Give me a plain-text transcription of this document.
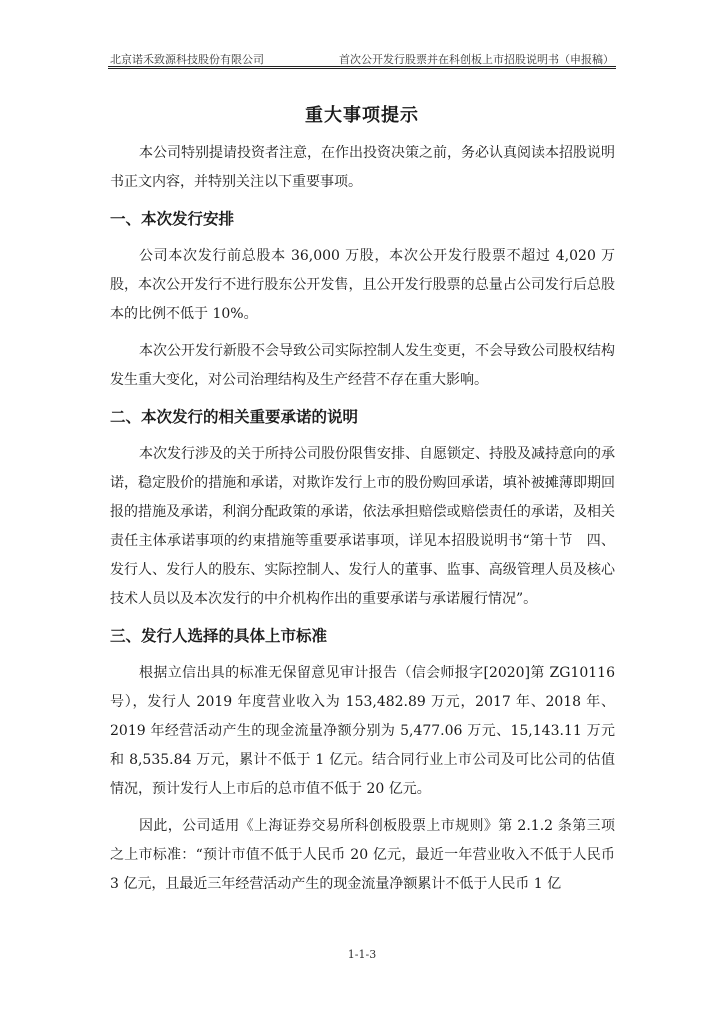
北京诺禾致源科技股份有限公司	首次公开发行股票并在科创板上市招股说明书（申报稿）
重大事项提示

本公司特别提请投资者注意，在作出投资决策之前，务必认真阅读本招股说明书正文内容，并特别关注以下重要事项。

一、本次发行安排

公司本次发行前总股本 36,000 万股，本次公开发行股票不超过 4,020 万股，本次公开发行不进行股东公开发售，且公开发行股票的总量占公司发行后总股本的比例不低于 10%。

本次公开发行新股不会导致公司实际控制人发生变更，不会导致公司股权结构发生重大变化，对公司治理结构及生产经营不存在重大影响。

二、本次发行的相关重要承诺的说明

本次发行涉及的关于所持公司股份限售安排、自愿锁定、持股及减持意向的承诺，稳定股价的措施和承诺，对欺诈发行上市的股份购回承诺，填补被摊薄即期回报的措施及承诺，利润分配政策的承诺，依法承担赔偿或赔偿责任的承诺，及相关责任主体承诺事项的约束措施等重要承诺事项，详见本招股说明书“第十节　四、发行人、发行人的股东、实际控制人、发行人的董事、监事、高级管理人员及核心技术人员以及本次发行的中介机构作出的重要承诺与承诺履行情况”。

三、发行人选择的具体上市标准

根据立信出具的标准无保留意见审计报告（信会师报字[2020]第 ZG10116 号），发行人 2019 年度营业收入为 153,482.89 万元，2017 年、2018 年、2019 年经营活动产生的现金流量净额分别为 5,477.06 万元、15,143.11 万元和 8,535.84 万元，累计不低于 1 亿元。结合同行业上市公司及可比公司的估值情况，预计发行人上市后的总市值不低于 20 亿元。

因此，公司适用《上海证券交易所科创板股票上市规则》第 2.1.2 条第三项之上市标准：“预计市值不低于人民币 20 亿元，最近一年营业收入不低于人民币 3 亿元，且最近三年经营活动产生的现金流量净额累计不低于人民币 1 亿

1-1-3
